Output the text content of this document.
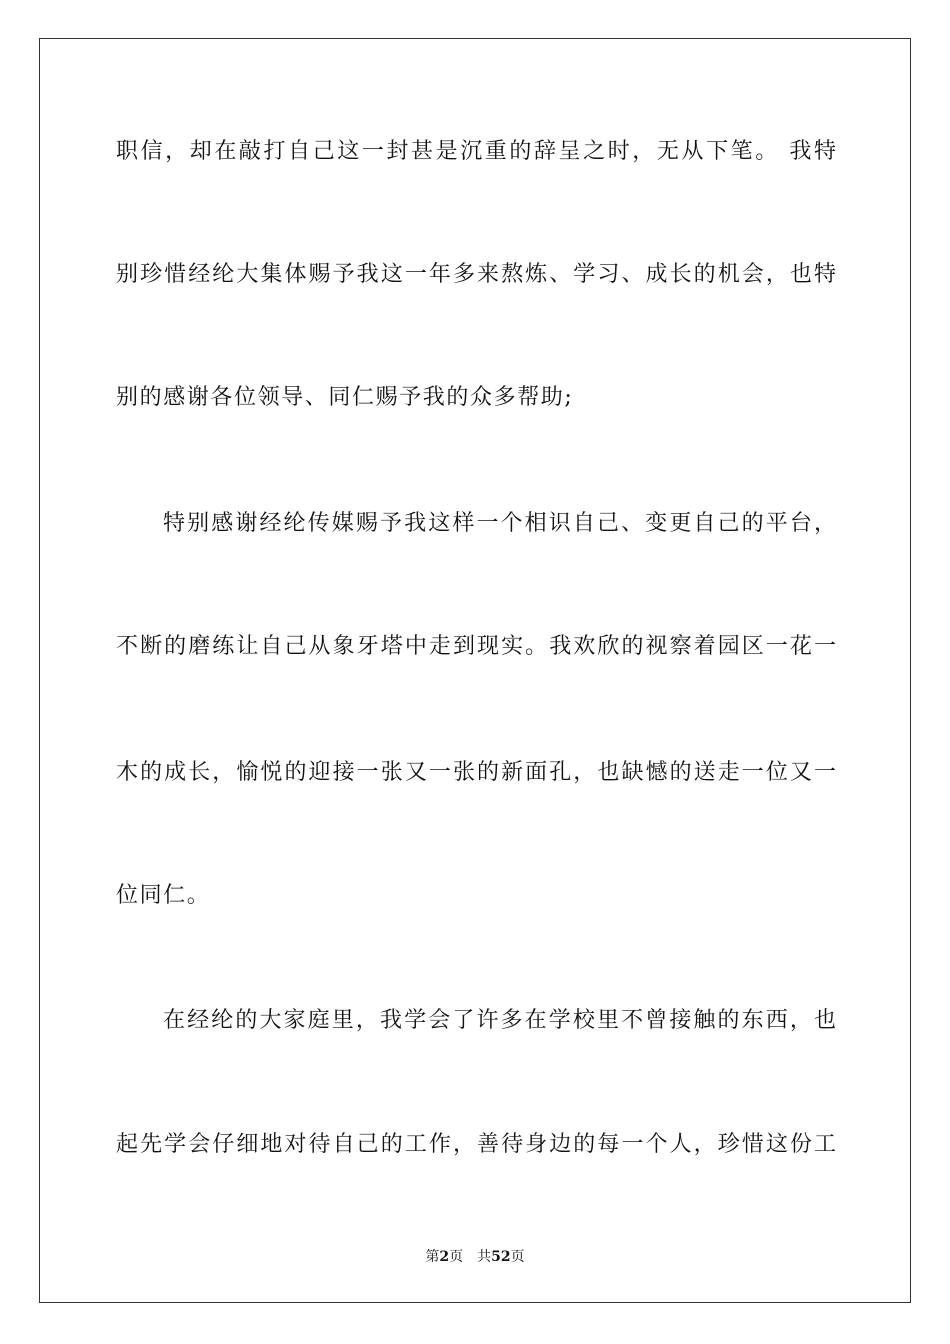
职信，却在敲打自己这一封甚是沉重的辞呈之时，无从下笔。 我特
别珍惜经纶大集体赐予我这一年多来熬炼、学习、成长的机会，也特
别的感谢各位领导、同仁赐予我的众多帮助;
特别感谢经纶传媒赐予我这样一个相识自己、变更自己的平台，
不断的磨练让自己从象牙塔中走到现实。我欢欣的视察着园区一花一
木的成长，愉悦的迎接一张又一张的新面孔，也缺憾的送走一位又一
位同仁。
在经纶的大家庭里，我学会了许多在学校里不曾接触的东西，也
起先学会仔细地对待自己的工作，善待身边的每一个人，珍惜这份工
第2页 共52页
